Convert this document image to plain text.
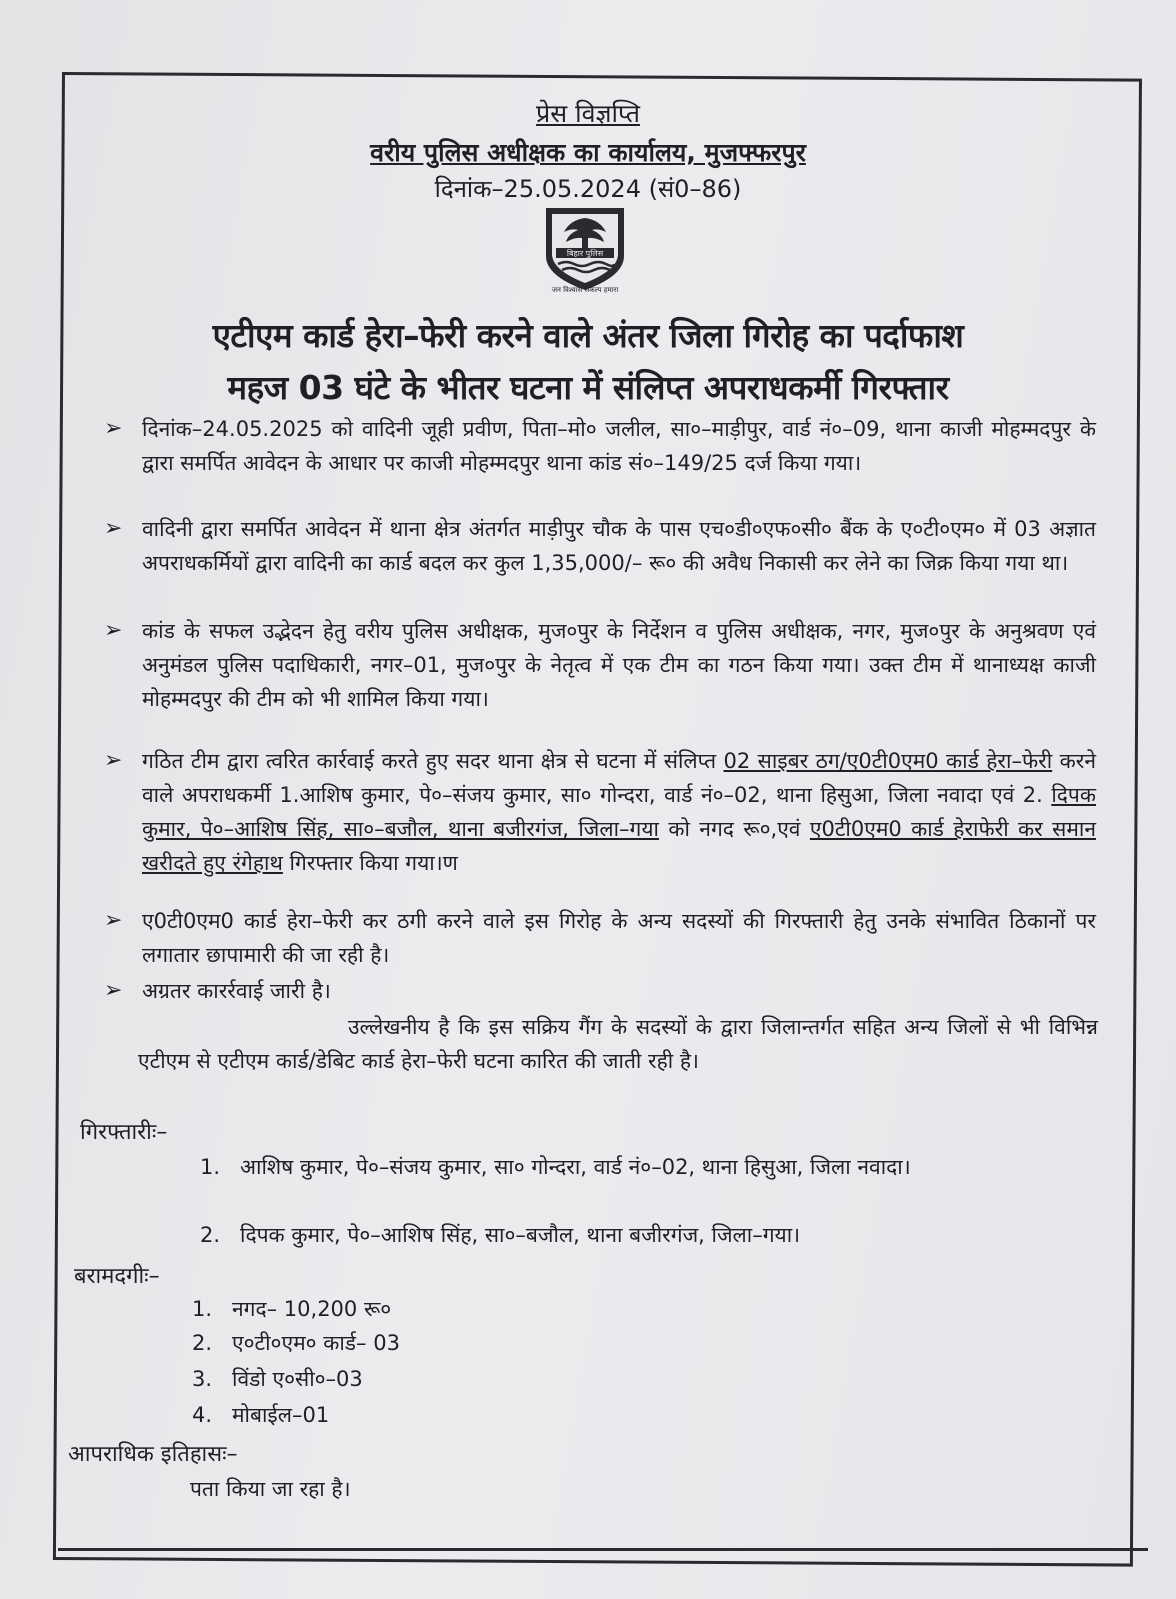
प्रेस विज्ञप्ति
वरीय पुलिस अधीक्षक का कार्यालय, मुजफ्फरपुर
दिनांक–25.05.2024 (सं0–86)
बिहार पुलिस
जन विश्वास संकल्प हमारा
एटीएम कार्ड हेरा–फेरी करने वाले अंतर जिला गिरोह का पर्दाफाश
महज 03 घंटे के भीतर घटना में संलिप्त अपराधकर्मी गिरफ्तार
➢ दिनांक–24.05.2025 को वादिनी जूही प्रवीण, पिता–मो० जलील, सा०–माड़ीपुर, वार्ड नं०–09, थाना काजी मोहम्मदपुर के द्वारा समर्पित आवेदन के आधार पर काजी मोहम्मदपुर थाना कांड सं०–149/25 दर्ज किया गया।
➢ वादिनी द्वारा समर्पित आवेदन में थाना क्षेत्र अंतर्गत माड़ीपुर चौक के पास एच०डी०एफ०सी० बैंक के ए०टी०एम० में 03 अज्ञात अपराधकर्मियों द्वारा वादिनी का कार्ड बदल कर कुल 1,35,000/– रू० की अवैध निकासी कर लेने का जिक्र किया गया था।
➢ कांड के सफल उद्भेदन हेतु वरीय पुलिस अधीक्षक, मुज०पुर के निर्देशन व पुलिस अधीक्षक, नगर, मुज०पुर के अनुश्रवण एवं अनुमंडल पुलिस पदाधिकारी, नगर–01, मुज०पुर के नेतृत्व में एक टीम का गठन किया गया। उक्त टीम में थानाध्यक्ष काजी मोहम्मदपुर की टीम को भी शामिल किया गया।
➢ गठित टीम द्वारा त्वरित कार्रवाई करते हुए सदर थाना क्षेत्र से घटना में संलिप्त 02 साइबर ठग/ए0टी0एम0 कार्ड हेरा–फेरी करने वाले अपराधकर्मी 1.आशिष कुमार, पे०–संजय कुमार, सा० गोन्दरा, वार्ड नं०–02, थाना हिसुआ, जिला नवादा एवं 2. दिपक कुमार, पे०–आशिष सिंह, सा०–बजौल, थाना बजीरगंज, जिला–गया को नगद रू०,एवं ए0टी0एम0 कार्ड हेराफेरी कर समान खरीदते हुए रंगेहाथ गिरफ्तार किया गया।ण
➢ ए0टी0एम0 कार्ड हेरा–फेरी कर ठगी करने वाले इस गिरोह के अन्य सदस्यों की गिरफ्तारी हेतु उनके संभावित ठिकानों पर लगातार छापामारी की जा रही है।
➢ अग्रतर कारर्रवाई जारी है।
उल्लेखनीय है कि इस सक्रिय गैंग के सदस्यों के द्वारा जिलान्तर्गत सहित अन्य जिलों से भी विभिन्न एटीएम से एटीएम कार्ड/डेबिट कार्ड हेरा–फेरी घटना कारित की जाती रही है।
गिरफ्तारीः–
1. आशिष कुमार, पे०–संजय कुमार, सा० गोन्दरा, वार्ड नं०–02, थाना हिसुआ, जिला नवादा।
2. दिपक कुमार, पे०–आशिष सिंह, सा०–बजौल, थाना बजीरगंज, जिला–गया।
बरामदगीः–
1. नगद– 10,200 रू०
2. ए०टी०एम० कार्ड– 03
3. विंडो ए०सी०–03
4. मोबाईल–01
आपराधिक इतिहासः–
पता किया जा रहा है।
